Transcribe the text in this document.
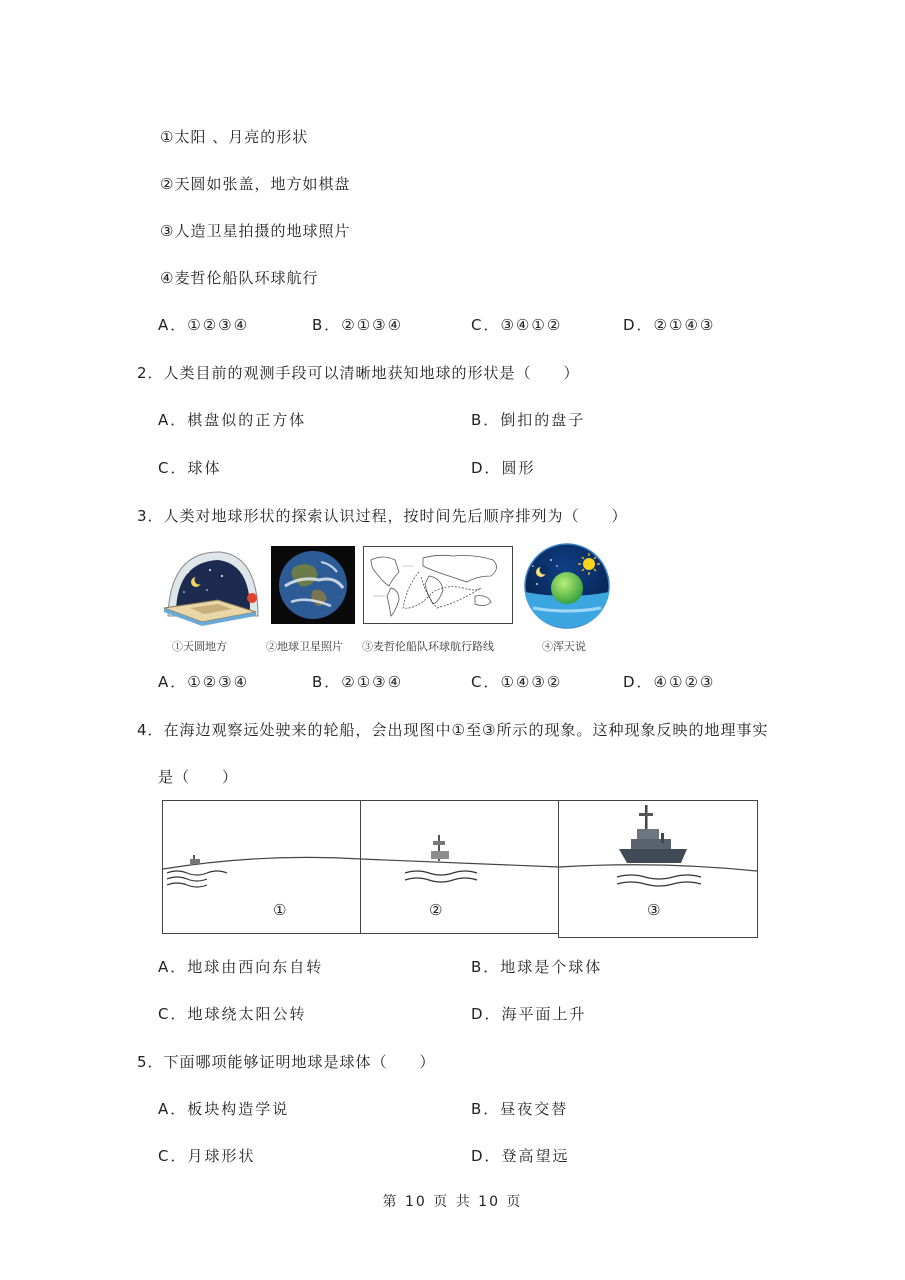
①太阳 、月亮的形状
②天圆如张盖，地方如棋盘
③人造卫星拍摄的地球照片
④麦哲伦船队环球航行
A．①②③④	B．②①③④	C．③④①②	D．②①④③
2．人类目前的观测手段可以清晰地获知地球的形状是（　　）
A．棋盘似的正方体	B．倒扣的盘子
C．球体	D．圆形
3．人类对地球形状的探索认识过程，按时间先后顺序排列为（　　）
①天圆地方	②地球卫星照片 ③麦哲伦船队环球航行路线	④浑天说
A．①②③④	B．②①③④	C．①④③②	D．④①②③
4．在海边观察远处驶来的轮船，会出现图中①至③所示的现象。这种现象反映的地理事实
是（　　）
①	②	③
A．地球由西向东自转	B．地球是个球体
C．地球绕太阳公转	D．海平面上升
5．下面哪项能够证明地球是球体（　　）
A．板块构造学说	B．昼夜交替
C．月球形状	D．登高望远
第 10 页 共 10 页
